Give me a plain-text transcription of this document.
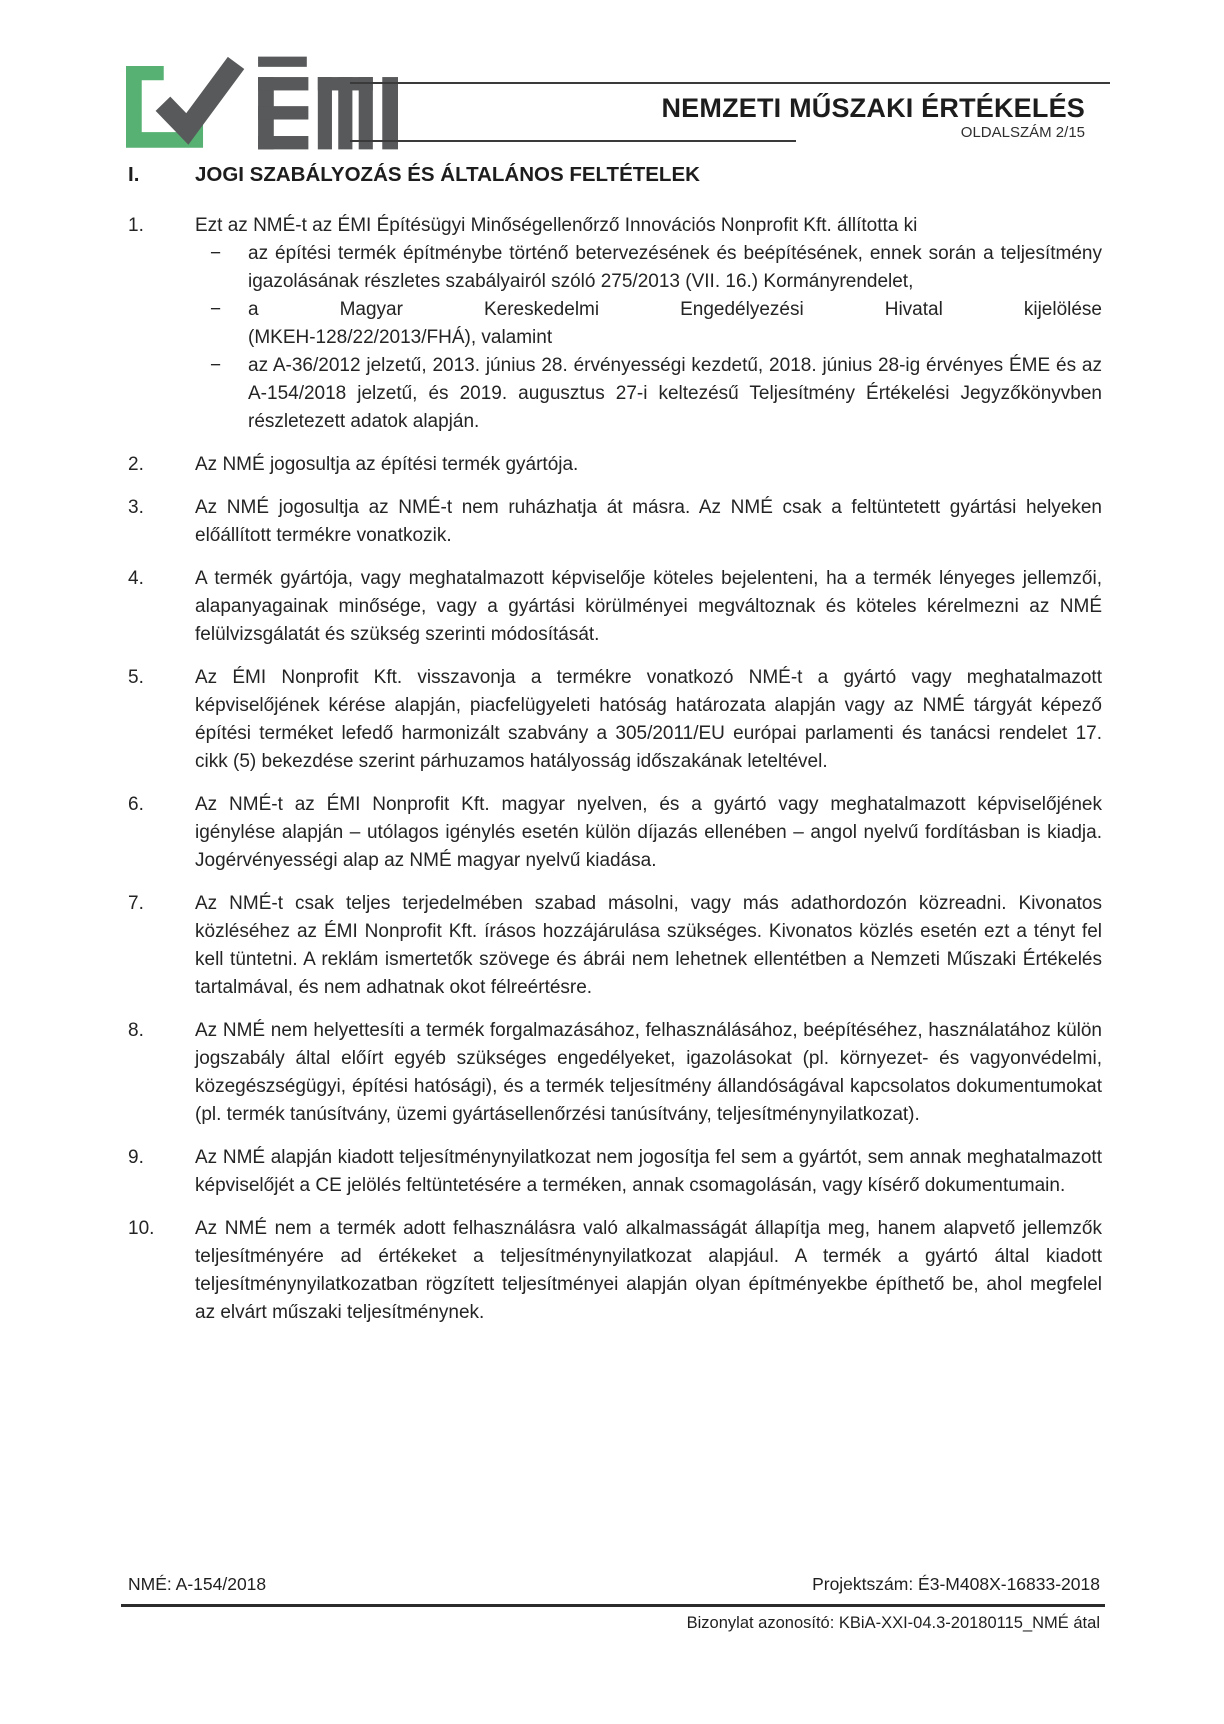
NEMZETI MŰSZAKI ÉRTÉKELÉS
OLDALSZÁM 2/15
I.	JOGI SZABÁLYOZÁS ÉS ÁLTALÁNOS FELTÉTELEK
1.	Ezt az NMÉ-t az ÉMI Építésügyi Minőségellenőrző Innovációs Nonprofit Kft. állította ki
−	az építési termék építménybe történő betervezésének és beépítésének, ennek során a teljesítmény igazolásának részletes szabályairól szóló 275/2013 (VII. 16.) Kormányrendelet,
−	a Magyar Kereskedelmi Engedélyezési Hivatal kijelölése
(MKEH-128/22/2013/FHÁ), valamint
−	az A-36/2012 jelzetű, 2013. június 28. érvényességi kezdetű, 2018. június 28-ig érvényes ÉME és az A-154/2018 jelzetű, és 2019. augusztus 27-i keltezésű Teljesítmény Értékelési Jegyzőkönyvben részletezett adatok alapján.
2.	Az NMÉ jogosultja az építési termék gyártója.
3.	Az NMÉ jogosultja az NMÉ-t nem ruházhatja át másra. Az NMÉ csak a feltüntetett gyártási helyeken előállított termékre vonatkozik.
4.	A termék gyártója, vagy meghatalmazott képviselője köteles bejelenteni, ha a termék lényeges jellemzői, alapanyagainak minősége, vagy a gyártási körülményei megváltoznak és köteles kérelmezni az NMÉ felülvizsgálatát és szükség szerinti módosítását.
5.	Az ÉMI Nonprofit Kft. visszavonja a termékre vonatkozó NMÉ-t a gyártó vagy meghatalmazott képviselőjének kérése alapján, piacfelügyeleti hatóság határozata alapján vagy az NMÉ tárgyát képező építési terméket lefedő harmonizált szabvány a 305/2011/EU európai parlamenti és tanácsi rendelet 17. cikk (5) bekezdése szerint párhuzamos hatályosság időszakának leteltével.
6.	Az NMÉ-t az ÉMI Nonprofit Kft. magyar nyelven, és a gyártó vagy meghatalmazott képviselőjének igénylése alapján – utólagos igénylés esetén külön díjazás ellenében – angol nyelvű fordításban is kiadja. Jogérvényességi alap az NMÉ magyar nyelvű kiadása.
7.	Az NMÉ-t csak teljes terjedelmében szabad másolni, vagy más adathordozón közreadni. Kivonatos közléséhez az ÉMI Nonprofit Kft. írásos hozzájárulása szükséges. Kivonatos közlés esetén ezt a tényt fel kell tüntetni. A reklám ismertetők szövege és ábrái nem lehetnek ellentétben a Nemzeti Műszaki Értékelés tartalmával, és nem adhatnak okot félreértésre.
8.	Az NMÉ nem helyettesíti a termék forgalmazásához, felhasználásához, beépítéséhez, használatához külön jogszabály által előírt egyéb szükséges engedélyeket, igazolásokat (pl. környezet- és vagyonvédelmi, közegészségügyi, építési hatósági), és a termék teljesítmény állandóságával kapcsolatos dokumentumokat (pl. termék tanúsítvány, üzemi gyártásellenőrzési tanúsítvány, teljesítménynyilatkozat).
9.	Az NMÉ alapján kiadott teljesítménynyilatkozat nem jogosítja fel sem a gyártót, sem annak meghatalmazott képviselőjét a CE jelölés feltüntetésére a terméken, annak csomagolásán, vagy kísérő dokumentumain.
10.	Az NMÉ nem a termék adott felhasználásra való alkalmasságát állapítja meg, hanem alapvető jellemzők teljesítményére ad értékeket a teljesítménynyilatkozat alapjául. A termék a gyártó által kiadott teljesítménynyilatkozatban rögzített teljesítményei alapján olyan építményekbe építhető be, ahol megfelel az elvárt műszaki teljesítménynek.
NMÉ: A-154/2018	Projektszám: É3-M408X-16833-2018
Bizonylat azonosító: KBiA-XXI-04.3-20180115_NMÉ átal
